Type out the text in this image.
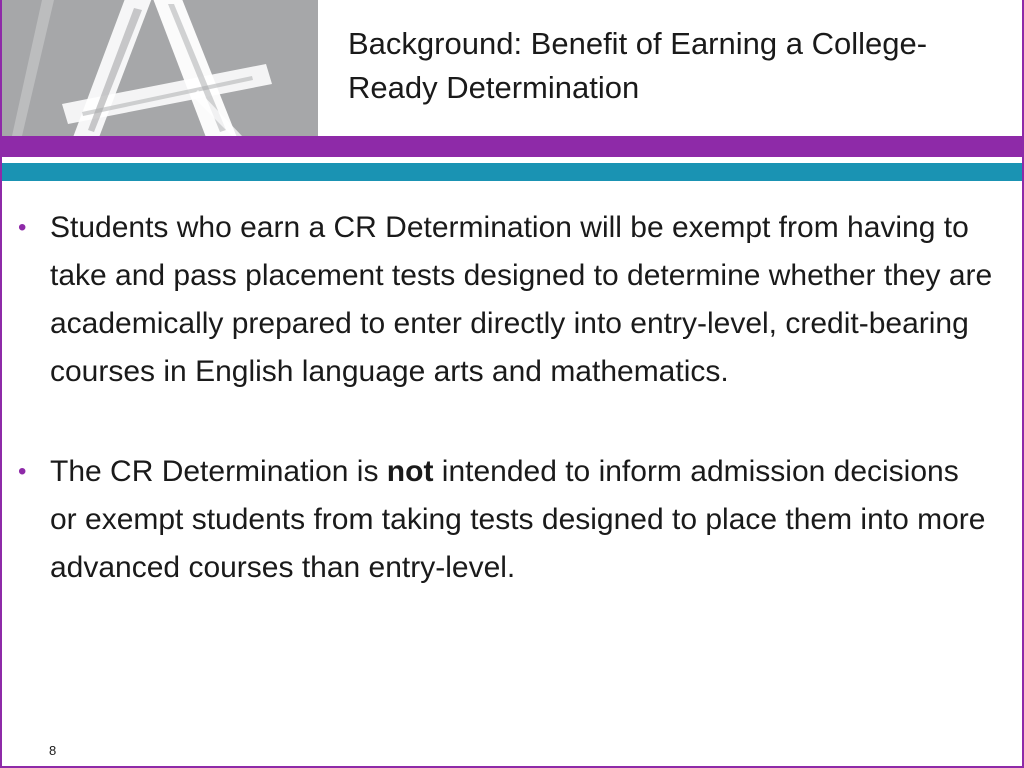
Background: Benefit of Earning a College-
Ready Determination
• Students who earn a CR Determination will be exempt from having to take and pass placement tests designed to determine whether they are academically prepared to enter directly into entry-level, credit-bearing courses in English language arts and mathematics.
• The CR Determination is not intended to inform admission decisions or exempt students from taking tests designed to place them into more advanced courses than entry-level.
8
